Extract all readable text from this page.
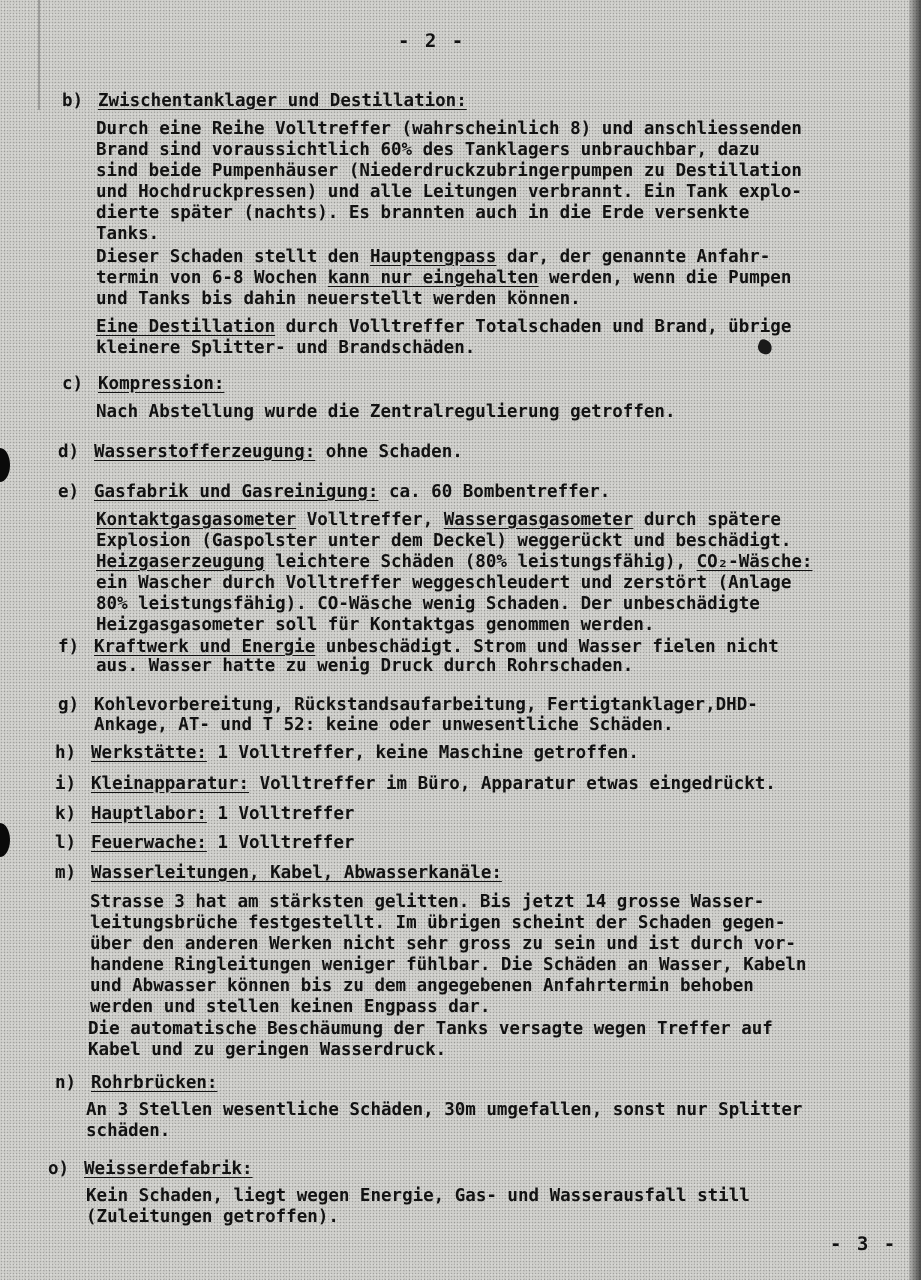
- 2 -
b) Zwischentanklager und Destillation:
Durch eine Reihe Volltreffer (wahrscheinlich 8) und anschliessenden
Brand sind voraussichtlich 60% des Tanklagers unbrauchbar, dazu
sind beide Pumpenhäuser (Niederdruckzubringerpumpen zu Destillation
und Hochdruckpressen) und alle Leitungen verbrannt. Ein Tank explo-
dierte später (nachts). Es brannten auch in die Erde versenkte
Tanks.
Dieser Schaden stellt den Hauptengpass dar, der genannte Anfahr-
termin von 6-8 Wochen kann nur eingehalten werden, wenn die Pumpen
und Tanks bis dahin neuerstellt werden können.
Eine Destillation durch Volltreffer Totalschaden und Brand, übrige
kleinere Splitter- und Brandschäden.
c) Kompression:
Nach Abstellung wurde die Zentralregulierung getroffen.
d) Wasserstofferzeugung: ohne Schaden.
e) Gasfabrik und Gasreinigung: ca. 60 Bombentreffer.
Kontaktgasgasometer Volltreffer, Wassergasgasometer durch spätere
Explosion (Gaspolster unter dem Deckel) weggerückt und beschädigt.
Heizgaserzeugung leichtere Schäden (80% leistungsfähig), CO₂-Wäsche:
ein Wascher durch Volltreffer weggeschleudert und zerstört (Anlage
80% leistungsfähig). CO-Wäsche wenig Schaden. Der unbeschädigte
Heizgasgasometer soll für Kontaktgas genommen werden.
f) Kraftwerk und Energie unbeschädigt. Strom und Wasser fielen nicht
aus. Wasser hatte zu wenig Druck durch Rohrschaden.
g) Kohlevorbereitung, Rückstandsaufarbeitung, Fertigtanklager,DHD-
Ankage, AT- und T 52: keine oder unwesentliche Schäden.
h) Werkstätte: 1 Volltreffer, keine Maschine getroffen.
i) Kleinapparatur: Volltreffer im Büro, Apparatur etwas eingedrückt.
k) Hauptlabor: 1 Volltreffer
l) Feuerwache: 1 Volltreffer
m) Wasserleitungen, Kabel, Abwasserkanäle:
Strasse 3 hat am stärksten gelitten. Bis jetzt 14 grosse Wasser-
leitungsbrüche festgestellt. Im übrigen scheint der Schaden gegen-
über den anderen Werken nicht sehr gross zu sein und ist durch vor-
handene Ringleitungen weniger fühlbar. Die Schäden an Wasser, Kabeln
und Abwasser können bis zu dem angegebenen Anfahrtermin behoben
werden und stellen keinen Engpass dar.
Die automatische Beschäumung der Tanks versagte wegen Treffer auf
Kabel und zu geringen Wasserdruck.
n) Rohrbrücken:
An 3 Stellen wesentliche Schäden, 30m umgefallen, sonst nur Splitter
schäden.
o) Weisserdefabrik:
Kein Schaden, liegt wegen Energie, Gas- und Wasserausfall still
(Zuleitungen getroffen).
- 3 -
